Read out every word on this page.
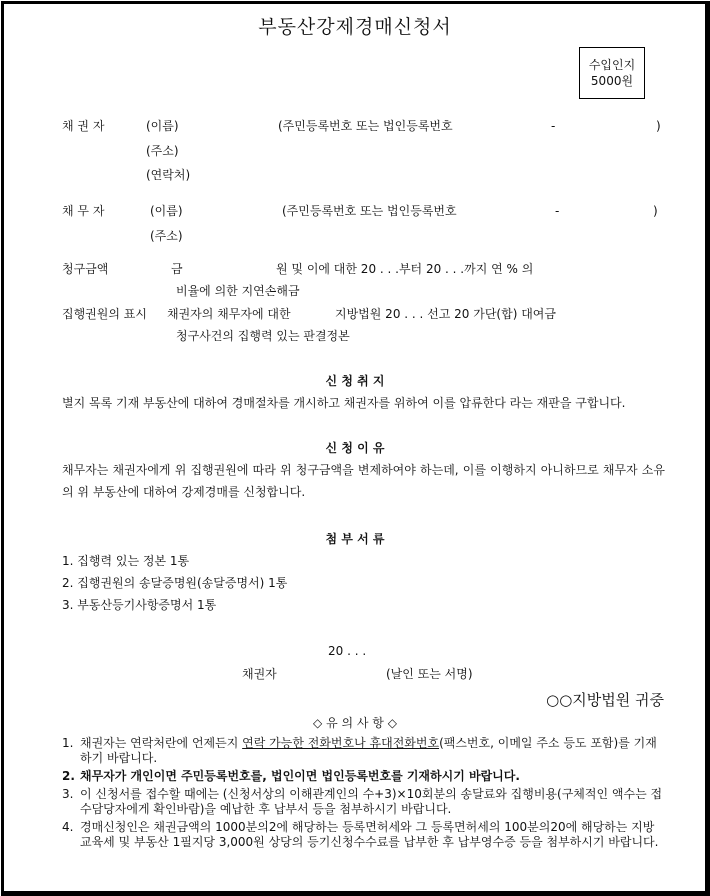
부동산강제경매신청서
수입인지
5000원
채 권 자	(이름)	(주민등록번호 또는 법인등록번호	-	)
(주소)
(연락처)
채 무 자	(이름)	(주민등록번호 또는 법인등록번호	-	)
(주소)
청구금액	금	원 및 이에 대한 20 . . .부터 20 . . .까지 연 % 의
비율에 의한 지연손해금
집행권원의 표시 채권자의 채무자에 대한	지방법원 20 . . . 선고 20 가단(합) 대여금
청구사건의 집행력 있는 판결정본
신 청 취 지
별지 목록 기재 부동산에 대하여 경매절차를 개시하고 채권자를 위하여 이를 압류한다 라는 재판을 구합니다.
신 청 이 유
채무자는 채권자에게 위 집행권원에 따라 위 청구금액을 변제하여야 하는데, 이를 이행하지 아니하므로 채무자 소유의 위 부동산에 대하여 강제경매를 신청합니다.
첨 부 서 류
1. 집행력 있는 정본 1통
2. 집행권원의 송달증명원(송달증명서) 1통
3. 부동산등기사항증명서 1통
20 . . .
채권자	(날인 또는 서명)
○○지방법원 귀중
◇ 유 의 사 항 ◇
1. 채권자는 연락처란에 언제든지 연락 가능한 전화번호나 휴대전화번호(팩스번호, 이메일 주소 등도 포함)를 기재하기 바랍니다.
2. 채무자가 개인이면 주민등록번호를, 법인이면 법인등록번호를 기재하시기 바랍니다.
3. 이 신청서를 접수할 때에는 (신청서상의 이해관계인의 수+3)×10회분의 송달료와 집행비용(구체적인 액수는 접수담당자에게 확인바람)을 예납한 후 납부서 등을 첨부하시기 바랍니다.
4. 경매신청인은 채권금액의 1000분의2에 해당하는 등록면허세와 그 등록면허세의 100분의20에 해당하는 지방교육세 및 부동산 1필지당 3,000원 상당의 등기신청수수료를 납부한 후 납부영수증 등을 첨부하시기 바랍니다.
